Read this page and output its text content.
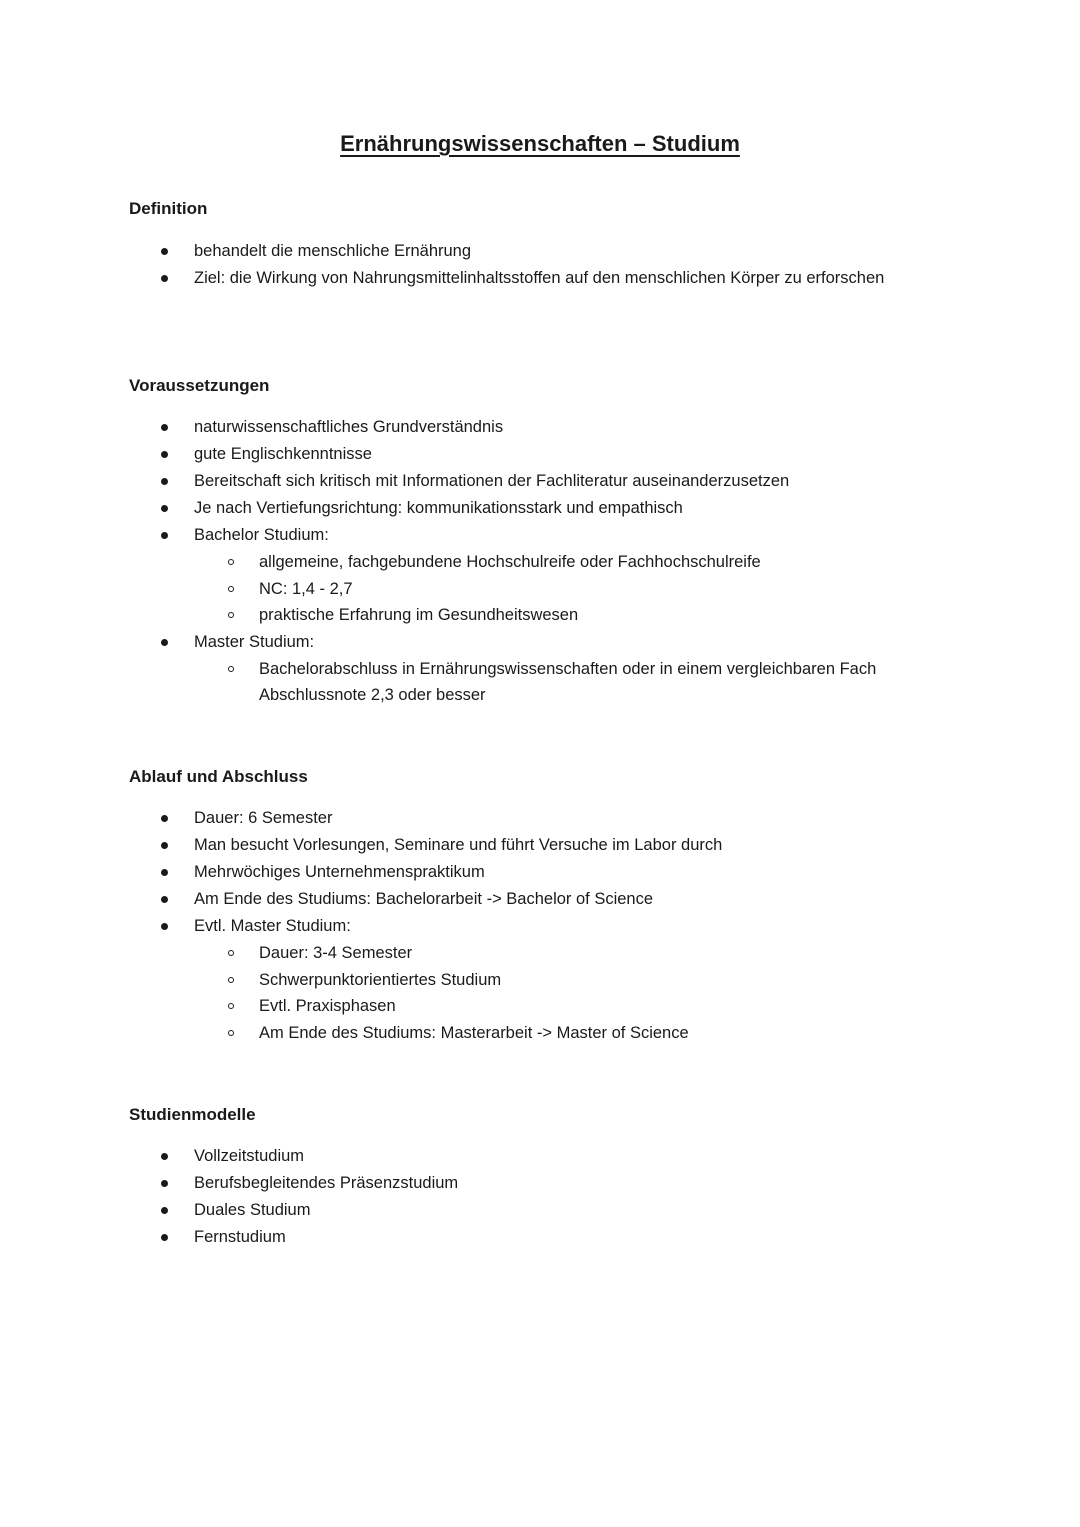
Ernährungswissenschaften – Studium
Definition
behandelt die menschliche Ernährung
Ziel: die Wirkung von Nahrungsmittelinhaltsstoffen auf den menschlichen Körper zu erforschen
Voraussetzungen
naturwissenschaftliches Grundverständnis
gute Englischkenntnisse
Bereitschaft sich kritisch mit Informationen der Fachliteratur auseinanderzusetzen
Je nach Vertiefungsrichtung: kommunikationsstark und empathisch
Bachelor Studium:
allgemeine, fachgebundene Hochschulreife oder Fachhochschulreife
NC: 1,4 - 2,7
praktische Erfahrung im Gesundheitswesen
Master Studium:
Bachelorabschluss in Ernährungswissenschaften oder in einem vergleichbaren Fach
Abschlussnote 2,3 oder besser
Ablauf und Abschluss
Dauer: 6 Semester
Man besucht Vorlesungen, Seminare und führt Versuche im Labor durch
Mehrwöchiges Unternehmenspraktikum
Am Ende des Studiums: Bachelorarbeit -> Bachelor of Science
Evtl. Master Studium:
Dauer: 3-4 Semester
Schwerpunktorientiertes Studium
Evtl. Praxisphasen
Am Ende des Studiums: Masterarbeit -> Master of Science
Studienmodelle
Vollzeitstudium
Berufsbegleitendes Präsenzstudium
Duales Studium
Fernstudium
